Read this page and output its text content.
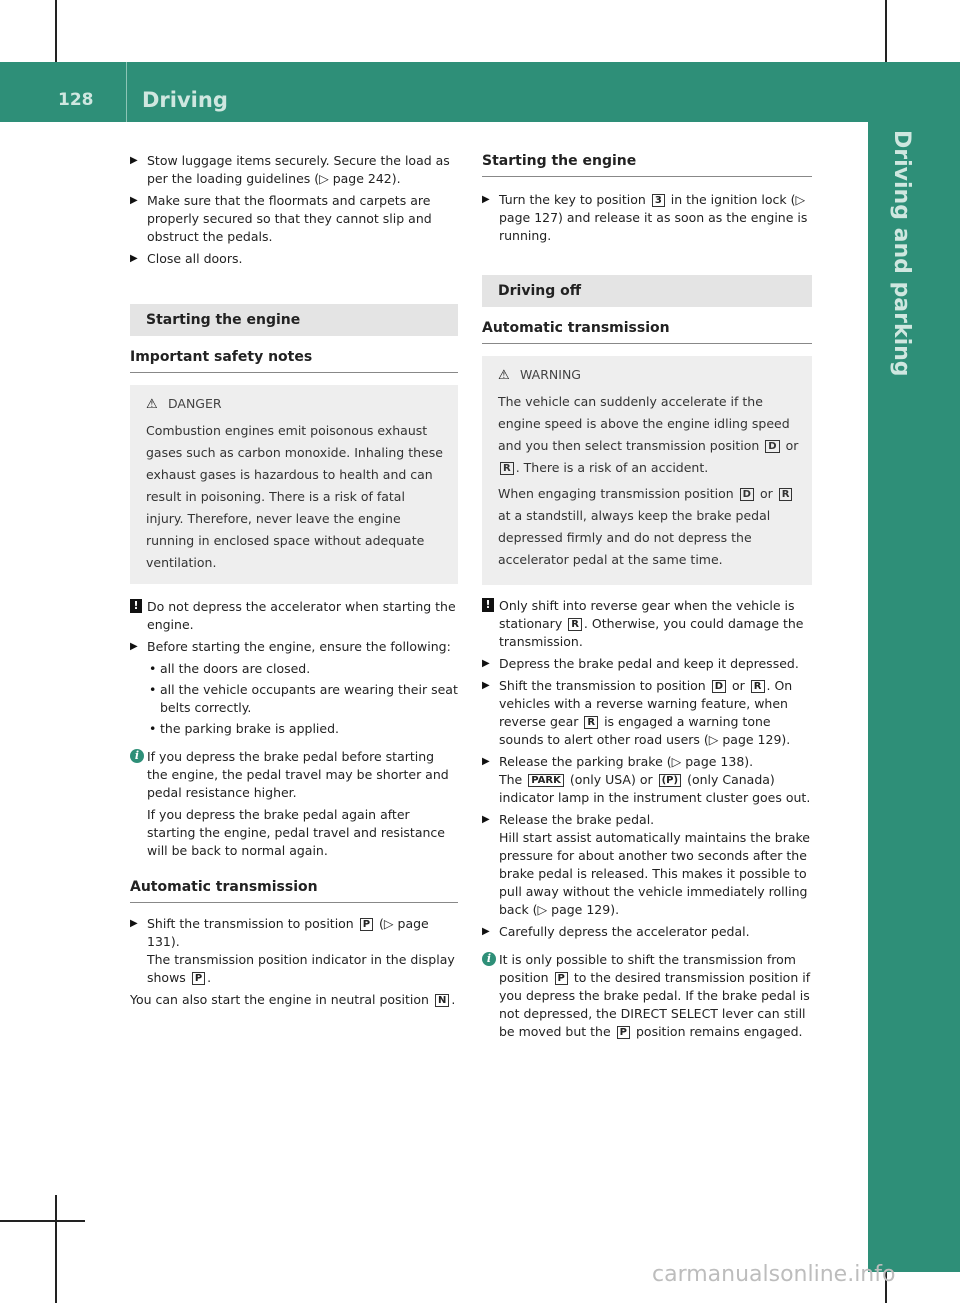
128 Driving
Driving and parking
▶ Stow luggage items securely. Secure the load as per the loading guidelines (▷ page 242).
▶ Make sure that the floormats and carpets are properly secured so that they cannot slip and obstruct the pedals.
▶ Close all doors.
Starting the engine
Important safety notes
⚠ DANGER
Combustion engines emit poisonous exhaust gases such as carbon monoxide. Inhaling these exhaust gases is hazardous to health and can result in poisoning. There is a risk of fatal injury. Therefore, never leave the engine running in enclosed space without adequate ventilation.
! Do not depress the accelerator when starting the engine.
▶ Before starting the engine, ensure the following:
• all the doors are closed.
• all the vehicle occupants are wearing their seat belts correctly.
• the parking brake is applied.
i If you depress the brake pedal before starting the engine, the pedal travel may be shorter and pedal resistance higher.

If you depress the brake pedal again after starting the engine, pedal travel and resistance will be back to normal again.

Automatic transmission
▶ Shift the transmission to position P (▷ page 131).
The transmission position indicator in the display shows P .

You can also start the engine in neutral position N .

Starting the engine
▶ Turn the key to position 3 in the ignition lock (▷ page 127) and release it as soon as the engine is running.
Driving off
Automatic transmission
⚠ WARNING

The vehicle can suddenly accelerate if the engine speed is above the engine idling speed and you then select transmission position D or R . There is a risk of an accident.

When engaging transmission position D or R at a standstill, always keep the brake pedal depressed firmly and do not depress the accelerator pedal at the same time.

! Only shift into reverse gear when the vehicle is stationary R . Otherwise, you could damage the transmission.
▶ Depress the brake pedal and keep it depressed.
▶ Shift the transmission to position D or R . On vehicles with a reverse warning feature, when reverse gear R is engaged a warning tone sounds to alert other road users (▷ page 129).
▶ Release the parking brake (▷ page 138).
The PARK (only USA) or (P) (only Canada) indicator lamp in the instrument cluster goes out.
▶ Release the brake pedal.
Hill start assist automatically maintains the brake pressure for about another two seconds after the brake pedal is released. This makes it possible to pull away without the vehicle immediately rolling back (▷ page 129).
▶ Carefully depress the accelerator pedal.
i It is only possible to shift the transmission from position P to the desired transmission position if you depress the brake pedal. If the brake pedal is not depressed, the DIRECT SELECT lever can still be moved but the P position remains engaged.
carmanualsonline.info
